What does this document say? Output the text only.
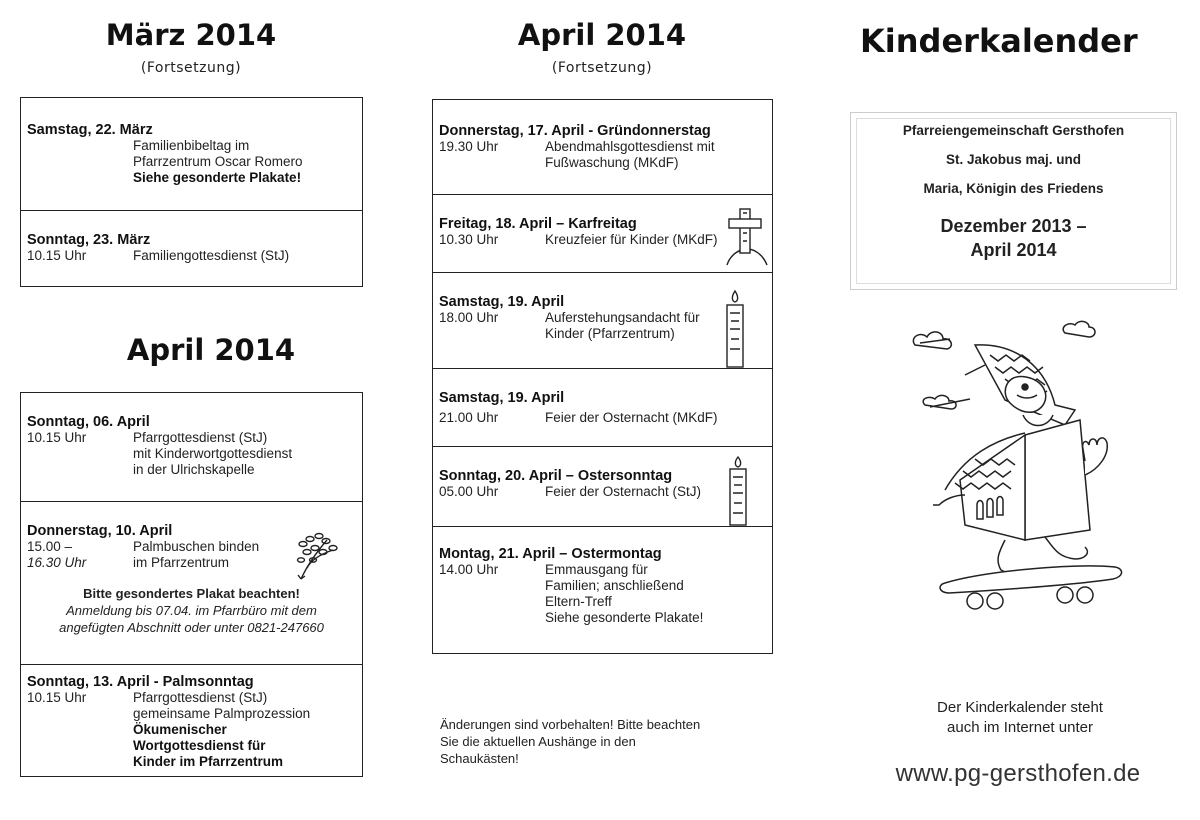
März 2014
(Fortsetzung)
Samstag, 22. März
Familienbibeltag im
Pfarrzentrum Oscar Romero
Siehe gesonderte Plakate!
Sonntag, 23. März
10.15 Uhr	Familiengottesdienst (StJ)
April 2014
Sonntag, 06. April
10.15 Uhr	Pfarrgottesdienst (StJ)
mit Kinderwortgottesdienst
in der Ulrichskapelle
Donnerstag, 10. April
15.00 –	Palmbuschen binden
16.30 Uhr	im Pfarrzentrum
Bitte gesondertes Plakat beachten!
Anmeldung bis 07.04. im Pfarrbüro mit dem
angefügten Abschnitt oder unter 0821-247660
Sonntag, 13. April - Palmsonntag
10.15 Uhr	Pfarrgottesdienst (StJ)
gemeinsame Palmprozession
Ökumenischer
Wortgottesdienst für
Kinder im Pfarrzentrum
April 2014
(Fortsetzung)
Donnerstag, 17. April - Gründonnerstag
19.30 Uhr	Abendmahlsgottesdienst mit
Fußwaschung (MKdF)
Freitag, 18. April – Karfreitag
10.30 Uhr	Kreuzfeier für Kinder (MKdF)
Samstag, 19. April
18.00 Uhr	Auferstehungsandacht für
Kinder (Pfarrzentrum)
Samstag, 19. April
21.00 Uhr	Feier der Osternacht (MKdF)
Sonntag, 20. April – Ostersonntag
05.00 Uhr	Feier der Osternacht (StJ)
Montag, 21. April – Ostermontag
14.00 Uhr	Emmausgang für
Familien; anschließend
Eltern-Treff
Siehe gesonderte Plakate!
Änderungen sind vorbehalten! Bitte beachten
Sie die aktuellen Aushänge in den
Schaukästen!
Kinderkalender
Pfarreiengemeinschaft Gersthofen
St. Jakobus maj. und
Maria, Königin des Friedens
Dezember 2013 –
April 2014
Der Kinderkalender steht
auch im Internet unter
www.pg-gersthofen.de
